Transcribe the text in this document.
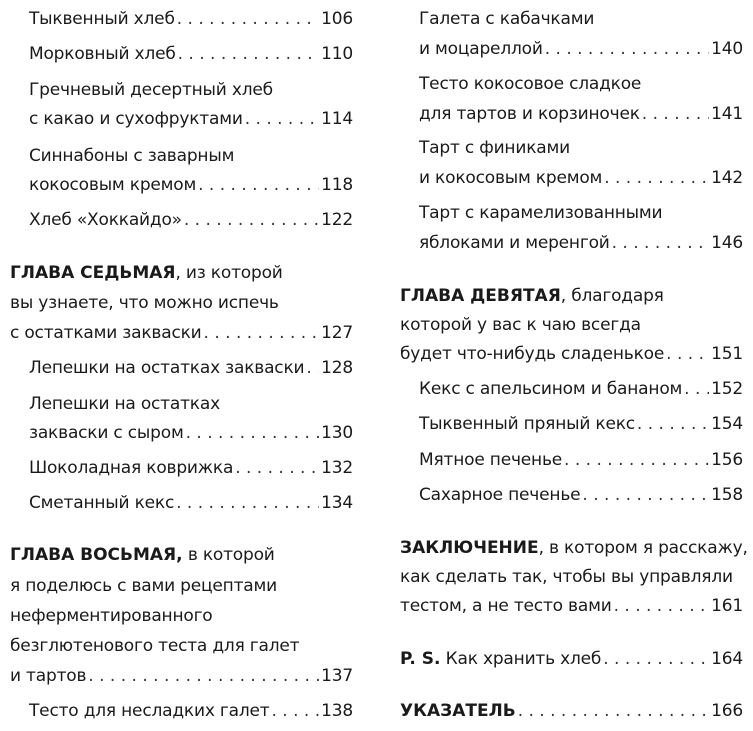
Тыквенный хлеб . . .	106
Морковный хлеб . . .	110
Гречневый десертный хлеб
с какао и сухофруктами . . .	114
Синнабоны с заварным
кокосовым кремом . . .	118
Хлеб «Хоккайдо» . . .	122
ГЛАВА СЕДЬМАЯ, из которой
вы узнаете, что можно испечь
с остатками закваски . . .	127
Лепешки на остатках закваски . . . 128
Лепешки на остатках
закваски с сыром . . .	130
Шоколадная коврижка . . .	132
Сметанный кекс . . .	134
ГЛАВА ВОСЬМАЯ, в которой
я поделюсь с вами рецептами
неферментированного
безглютенового теста для галет
и тартов . . .	137
Тесто для несладких галет . . .	138
Галета с кабачками
и моцареллой . . .	140
Тесто кокосовое сладкое
для тартов и корзиночек . . .	141
Тарт с финиками
и кокосовым кремом . . .	142
Тарт с карамелизованными
яблоками и меренгой . . .	146
ГЛАВА ДЕВЯТАЯ, благодаря
которой у вас к чаю всегда
будет что-нибудь сладенькое . . .	151
Кекс с апельсином и бананом . . . 152
Тыквенный пряный кекс . . .	154
Мятное печенье . . .	156
Сахарное печенье . . .	158
ЗАКЛЮЧЕНИЕ, в котором я расскажу,
как сделать так, чтобы вы управляли
тестом, а не тесто вами . . .	161
P. S. Как хранить хлеб . . .	164
УКАЗАТЕЛЬ . . .	166
